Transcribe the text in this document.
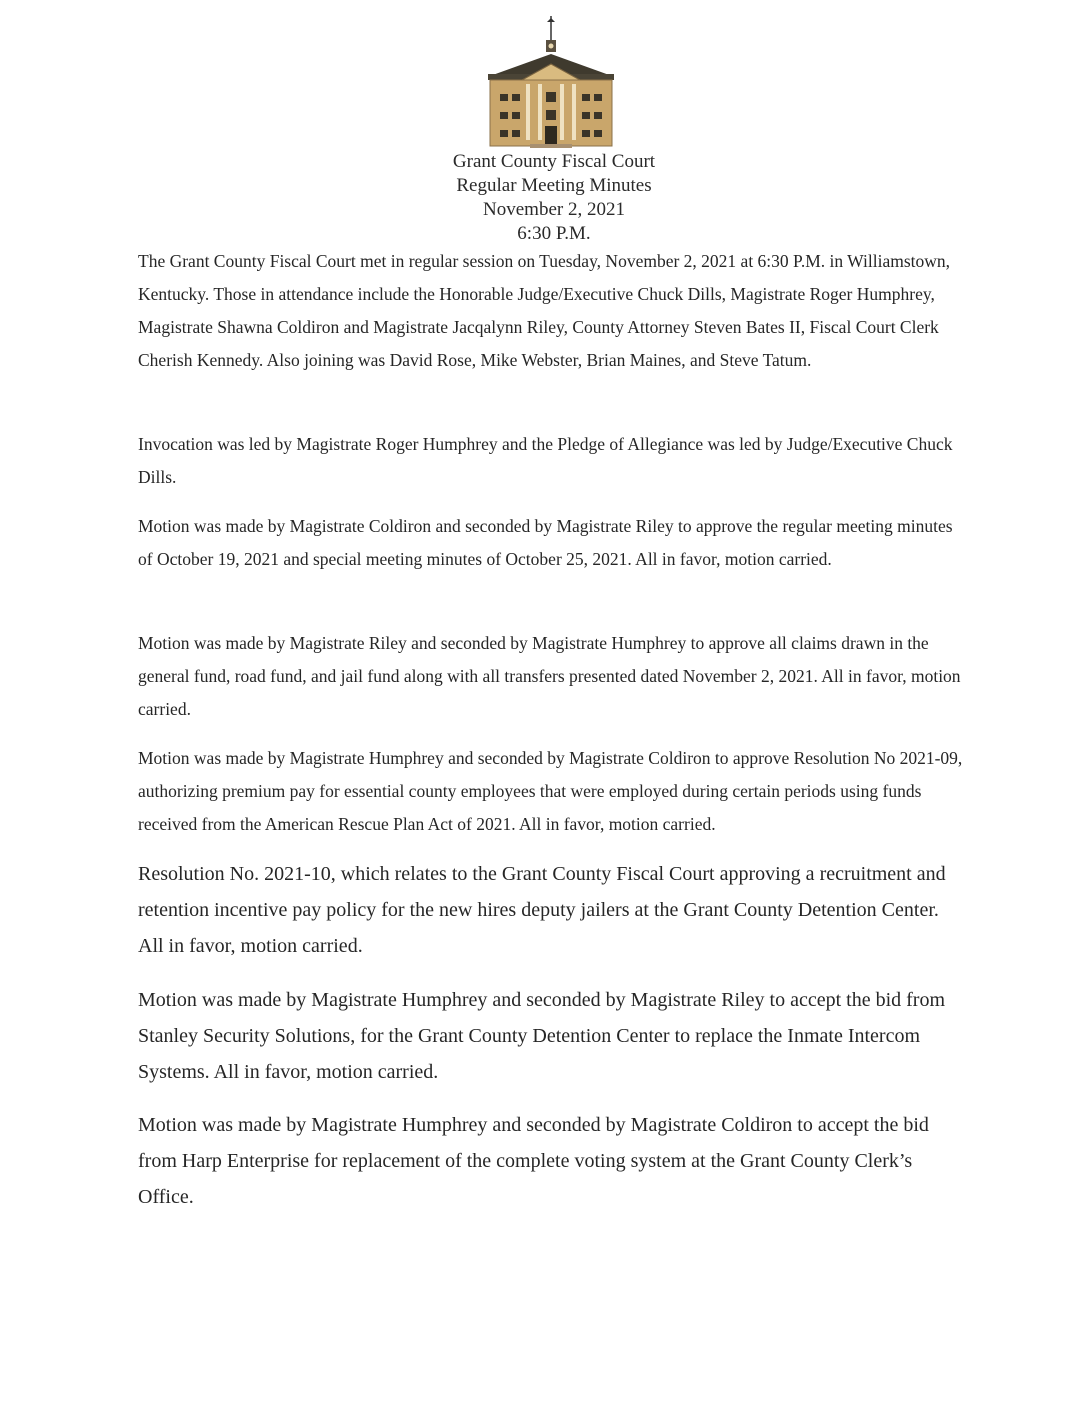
Grant County Fiscal Court
Regular Meeting Minutes
November 2, 2021
6:30 P.M.
The Grant County Fiscal Court met in regular session on Tuesday, November 2, 2021 at 6:30 P.M. in Williamstown, Kentucky. Those in attendance include the Honorable Judge/Executive Chuck Dills, Magistrate Roger Humphrey, Magistrate Shawna Coldiron and Magistrate Jacqalynn Riley, County Attorney Steven Bates II, Fiscal Court Clerk Cherish Kennedy. Also joining was David Rose, Mike Webster, Brian Maines, and Steve Tatum.
Invocation was led by Magistrate Roger Humphrey and the Pledge of Allegiance was led by Judge/Executive Chuck Dills.
Motion was made by Magistrate Coldiron and seconded by Magistrate Riley to approve the regular meeting minutes of October 19, 2021 and special meeting minutes of October 25, 2021. All in favor, motion carried.
Motion was made by Magistrate Riley and seconded by Magistrate Humphrey to approve all claims drawn in the general fund, road fund, and jail fund along with all transfers presented dated November 2, 2021. All in favor, motion carried.
Motion was made by Magistrate Humphrey and seconded by Magistrate Coldiron to approve Resolution No 2021-09, authorizing premium pay for essential county employees that were employed during certain periods using funds received from the American Rescue Plan Act of 2021. All in favor, motion carried.
Resolution No. 2021-10, which relates to the Grant County Fiscal Court approving a recruitment and retention incentive pay policy for the new hires deputy jailers at the Grant County Detention Center. All in favor, motion carried.
Motion was made by Magistrate Humphrey and seconded by Magistrate Riley to accept the bid from Stanley Security Solutions, for the Grant County Detention Center to replace the Inmate Intercom Systems. All in favor, motion carried.
Motion was made by Magistrate Humphrey and seconded by Magistrate Coldiron to accept the bid from Harp Enterprise for replacement of the complete voting system at the Grant County Clerk’s Office.
